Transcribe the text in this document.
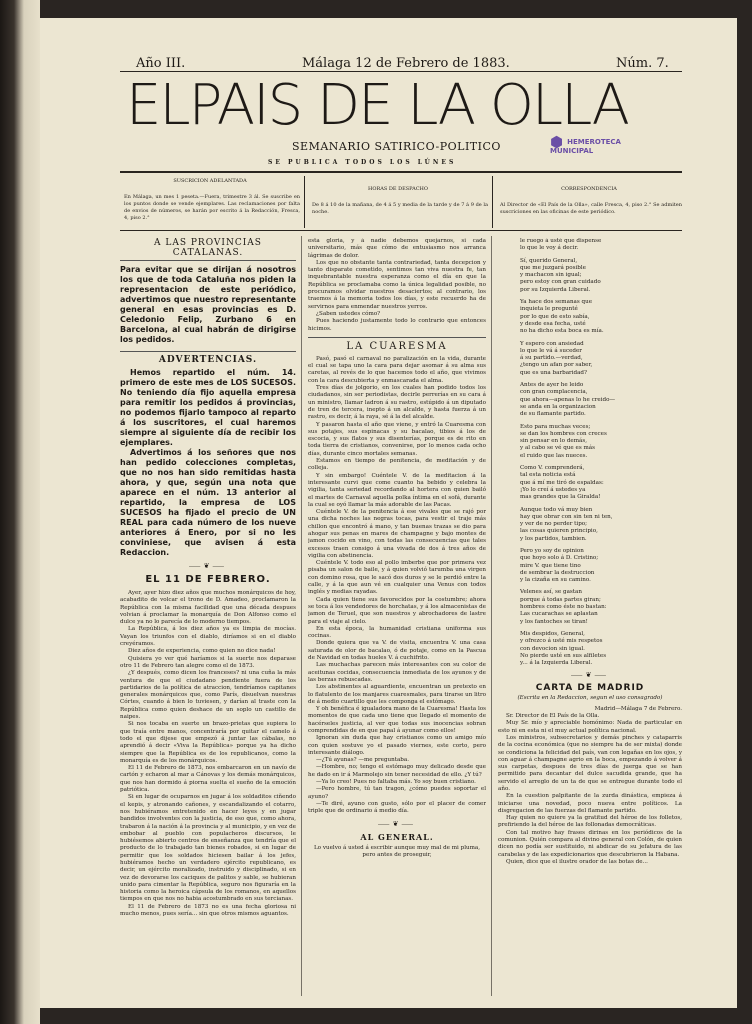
Año III.	Málaga 12 de Febrero de 1883.	Núm. 7.
ELPAIS DE LA OLLA
SEMANARIO SATIRICO-POLITICO
SE PUBLICA TODOS LOS LÚNES
⬢ HEMEROTECA
MUNICIPAL
SUSCRICION ADELANTADA
En Málaga, un mes 1 peseta.—Fuera, trimestre 3 ál. Se suscribe en los puntos donde se vende ejemplares. Las reclamaciones por falta de envios de números, se harán por escrito á la Redacción, Fresca, 4, piso 2.°
HORAS DE DESPACHO
De 8 á 10 de la mañana, de 4 á 5 y media de la tarde y de 7 á 9 de la noche.
CORRESPONDENCIA
Al Director de «El País de la Olla», calle Fresca, 4, piso 2.° Se admiten suscriciones en las oficinas de este periódico.

Á LAS PROVINCIAS CATALANAS.

Para evitar que se dirijan á nosotros los que de toda Cataluña nos piden la representacion de este periódico, advertimos que nuestro representante general en esas provincias es D. Celedonio Felip, Zurbano 6 en Barcelona, al cual habrán de dirigirse los pedidos.

ADVERTENCIAS.

Hemos repartido el núm. 14. primero de este mes de LOS SUCESOS. No teniendo día fijo aquella empresa para remitir los pedidos á provincias, no podemos fijarlo tampoco al reparto á los suscritores, el cual haremos siempre al siguiente día de recibir los ejemplares.

Advertimos á los señores que nos han pedido colecciones completas, que no nos han sido remitidas hasta ahora, y que, según una nota que aparece en el núm. 13 anterior al repartido, la empresa de LOS SUCESOS ha fijado el precio de UN REAL para cada número de los nueve anteriores á Enero, por si no les conviniese, que avisen á esta Redaccion.

⸺❦⸺

EL 11 DE FEBRERO.

Ayer, ayer hizo diez años que muchos monárquicos de hoy, acabadito de volcar el trono de D. Amadeo, proclamaron la República con la misma facilidad que una década despues volvian á proclamar la monarquía de Don Alfonso como el dulce ya no lo parecía de lo moderno tiempos.

La República, á los diez años ya es limpia de mocías. Vayan los triunfos con el diablo, diríamos si en el diablo creyéramos.

Diez años de experiencia, como quien no dice nada!

Quisiera yo ver qué haríamos si la suerte nos deparase otro 11 de Febrero tan alegre como el de 1873.

¿Y después, como dicen los franceses? ni una cuña la más ventura de que el ciudadano pendiente fuera de los partidarios de la política de atraccion, tendríamos capitanes generales monárquicos que, como París, disuelvan nuestras Córtes, cuando á bien lo tuviesen, y darían al traste con la República como quien deshace de un soplo un castillo de naipes.

Si nos tocaba en suerte un brazo-prietas que supiera lo que traía entre manos, concentraría por quitar el camelo á todo el que dijese que empezó á juntar las cábalas, no aprendió á decir «Viva la República» porque ya ha dicho siempre que la República es de los republicanos, como la monarquía es de los monárquicos.

El 11 de Febrero de 1873, nos embarcaron en un navío de cartón y echaron al mar a Cánovas y los demás monárquicos, que nos han dormido á piorna suelta el sueño de la emoción patriótica.

Si en lugar de ocuparnos en jugar á los soldaditos ciñendo el kepis, y atronando cañones, y escandalizando el cotarro, nos hubiéramos entretenido en hacer leyes y en jugar bandidos involventes con la justicia, de eso que, como ahora, trabaron á la nación á la provincia y al municipio, y en vez de embobar al pueblo con populacheros discursos, le hubiésemos abierto centros de enseñanza que tendría que el producto de lo trabajado tan bienes robados, si en lugar de permitir que los soldados hiciesen bailar á los jefes, hubiéramos hecho un verdadero ejército republicano, es decir, un ejército moralizado, instruido y disciplinado, si en vez de devorarse los caciques de palitos y sable, se hubieran unido para cimentar la República, seguro nos figuraría en la historia como la heroica cápsula de los romanos, en aquellos tiempos en que nos no habia acostumbrado en sus tercianas.

El 11 de Febrero de 1873 no es una fecha gloriosa ni mucho menos, pues sería... sin que otros mismos aguantos.

esta gloria, y á nadie debemos quejarnos, si cada universitario, más que cómo de entusiasmo nos arranca lágrimas de dolor.

Los que no obstante tanta contrariedad, tanta decepcion y tanto disparate cometido, sentimos tan viva nuestra fe, tan inquebrantable nuestra esperanza como el día en que la República se proclamaba como la única legalidad posible, no procuramos olvidar nuestros desaciertos; al contrario, los traemos á la memoria todos los días, y este recuerdo ha de servirnos para enmendar nuestros yerros.

¿Saben ustedes cómo?

Pues haciendo justamente todo lo contrario que entonces hicimos.

LA CUARESMA

Pasó, pasó el carnaval no paralización en la vida, durante el cual se tapa uno la cara para dejar asomar á su alma sus caretas, al revés de lo que hacemos todo el año, que vivimos con la cara descubierta y enmascarada el alma.

Tres días de jolgorio, en los cuales han podido todos los ciudadanos, sin ser periodistas, decirle perrerías en su cara á un ministro, llamar ladron á su rastro, estúpido á un diputado de tren de tercera, inepto á un alcalde, y hasta fuerza á un rastro, es decir, á la raya, sé á la del alcalde.

Y pasaron hasta el año que viene, y entró la Cuaresma con sus potajes, sus espinacas y su bacalao, tibios á los de escocia, y sus flatos y sus disenterías, porque es de rito en toda tierra de cristianos, convenirse, por lo menos cada ocho días, durante cinco mortales semanas.

Estamos en tiempo de penitencia, de meditación y de colleja.

Y sin embargo! Cuéntele V. de la meditacion á la interesante curvi que come cuanto ha bebido y celebra la vigilia, tanta seriedad recordando al hortera con quien bailó el martes de Carnaval aquella polka íntima en el sofá, durante la cual se oyó llamar la más adorable de las Pacas.

Cuéntele V. de la penitencia á ese vivales que se rajó por una dicha noches las negras tocas, para vestir el traje más chillon que encontró á mano, y tan buenas trazas se dio para ahogar sus penas en mares de champagne y bajo montes de jamon cocido en vino, con todas las consecuencias que tales excesos traen consigo á una vivada de dos á tres años de vigilia con abstinencia.

Cuéntele V. todo eso al pollo imberbe que por primera vez pisaba un salon de baile, y á quien volvió tarumba una virgen con domino rosa, que le sacó dos duros y se le perdió entre la calle, y á la que aun vé en cualquier una Venus con todos inglés y medias rayadas.

Cada quien tiene sus favorecidos por la costumbre; ahora se toca á los vendedores de horchatas, y á los almacenistas de jamon de Teruel, que son nuestros y abrochadores de lastre para el viaje al cielo.

En esta época, la humanidad cristiana uniforma sus cocinas.

Donde quiera que va V. de visita, encuentra V. una casa saturada de olor de bacalao, ó de potaje, como en la Pascua de Navidad en todas hueles V. á cuchifrito.

Las muchachas parecen más interesantes con su color de aceitunas cocidas, consecuencia inmediata de los ayunos y de las berzas rebuscadas.

Los abstinentes al aguardiente, encuentran un pretexto en lo flatulento de los manjares cuaresmales, para tirarse un litro de á medio cuartillo que les componga el estómago.

Y oh benéfica é igualadora mano de la Cuaresma! Hasta los momentos de que cada uno tiene que llegado el momento de hacérseles justicia, al ver que todas sus inocencias sobran comprendidas de en que papal á ayunar como ellos!

Ignoran sin duda que hay cristianos como un amigo mío con quien sostuve yo el pasado viernes, este corto, pero interesante diálogo.

—¿Tú ayunas? —me preguntaba.

—Hombre, no; tengo el estómago muy delicado desde que he dado en ir á Marmolejo sin tener necesidad de ello. ¿Y tú?

—Ya lo creo! Pues no faltaba más. Yo soy buen cristiano.

—Pero hombre, tú tan tragon, ¿cómo puedes soportar el ayuno?

—Te diré, ayuno con gusto, sólo por el placer de comer triple que de ordinario á medio día.

⸺❦⸺

AL GENERAL.

Lo vuelvo á usted á escribir aunque muy mal de mi pluma, pero antes de proseguir,

le ruego á usté que dispense
lo que le voy á decir.
Sí, querido General,
que me juzgará posible
y machacon sin igual;
pero estoy con gran cuidado
por su Izquierda Liberal.
Ya hace dos semanas que
inquieta le pregunté
por lo que de esto sabía,
y desde esa fecha, usté
no ha dicho esta boca es mía.
Y espero con ansiedad
lo que le vá á suceder
á su partido.—verdad,
¿tengo un afan por saber,
que es una barbaridad?
Antes de ayer he leido
con gran complacencia,
que ahora—apenas lo he creido—
se anda en la organizacion
de su flamante partido.
Esto para muchas veces;
se dan los hombres con creces
sin pensar en lo demás,
y al cabo se vé que es más
el ruido que las nueces.
Como V. comprenderá,
tal esta noticia está
que á mí me tiró de espaldas:
¡Yo lo creí á ustedes ya
mas grandes que la Giralda!
Aunque todo vá muy bien
hay que obrar con sin ten ni ten,
y ver de no perder tipo;
las cosas quieren principio,
y los partidos, tambien.
Pero yo soy de opinion
que hoyo solo á D. Cristino;
mire V. que tiene tino
de sembrar la destruccion
y la cizaña en su camino.
Velenes así, se gastan
porque á todas partes giran;
hombres como éste no bastan:
Las cucarachas se aplastan
y los fantoches se tiran!
Mis despidos, General,
y ofrezco á usté mis respetos
con devocion sin igual.
No pierde usté en sus alfiletes
y... á la Izquierda Liberal.

⸺❦⸺

CARTA DE MADRID

(Escrita en la Redaccion, segun el uso consagrado)

Madrid—Málaga 7 de Febrero.

Sr. Director de El País de la Olla.

Muy Sr. mío y apreciable homónimo: Nada de particular en esto ni en esta ni el muy actual política nacional.

Los ministros, subsecretarios y demás pinches y cataparris de la cocina económica (que no siempre ha de ser mixta) donde se condiciona la felicidad del país, van con legañas en los ojos, y con aguar á champagne agrio en la boca, empezando á volver á sus carpetas, despues de tres días de juerga que se han permitido para decantar del dulce sacudida grande, que ha servido el arreglo de un ta de que se entregue durante todo el año.

En la cuestion palpitante de la zurda dinástica, empieza á iniciarse una novedad, poco nueva entre políticos. La disgregacion de las fuerzas del flamante partido.

Hay quien no quiere ya la gratitud del héroe de los folletos, prefiriendo la del héroe de las follonadas democráticas.

Con tal motivo hay frases dirinas en los periódicos de la comunion. Quién compara al divino general con Colón, de quien dicen no podía ser sustituido, ni abdicar de su jefatura de las carabelas y de las expedicionarios que descubrieron la Habana.

Quien, dice que el ilustre orador de las botas de...
